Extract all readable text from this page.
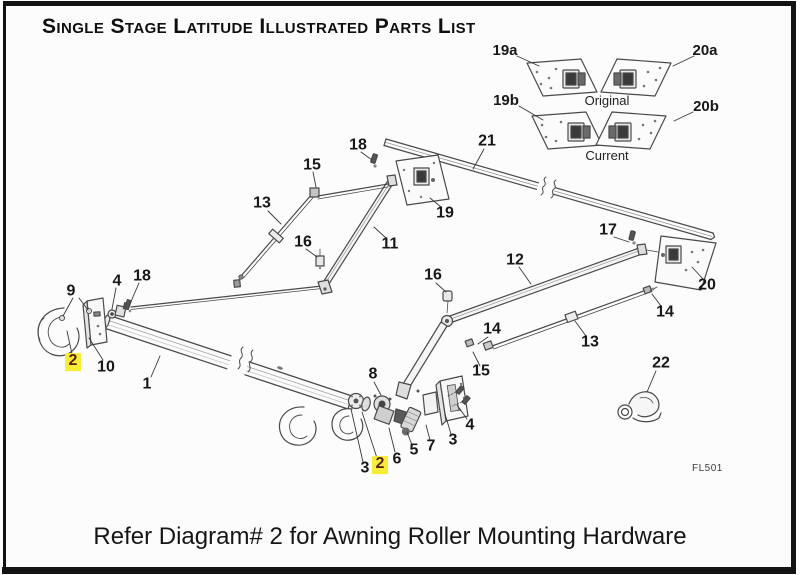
Single Stage Latitude Illustrated Parts List
Refer Diagram# 2 for Awning Roller Mounting Hardware
FL501
1
2
2
3
3
4
4
5
6
7
8
9
10
11
12
13
13
14
14
15
15
16
16
17
18
18
19
20
21
22
19a	20a
19b	20b
Original
Current
